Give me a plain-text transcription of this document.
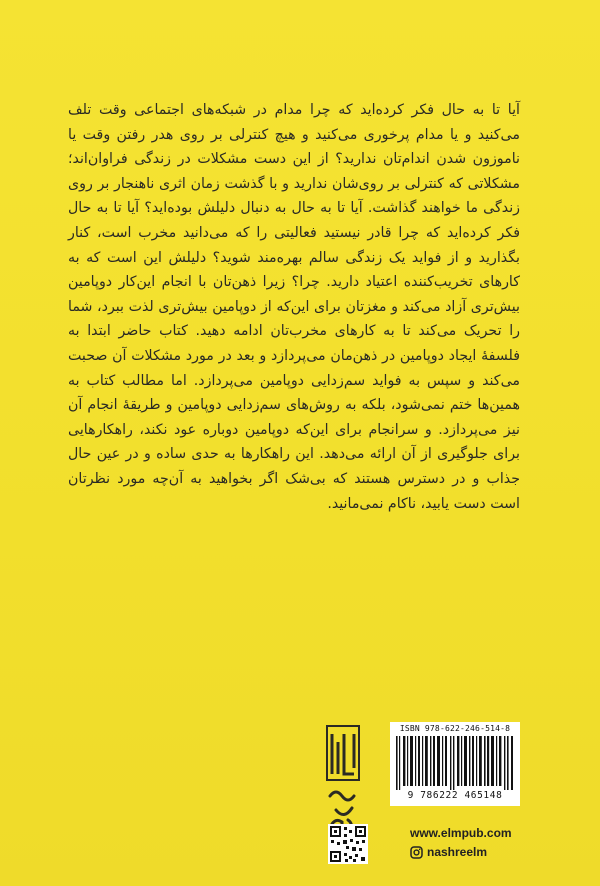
آیا تا به حال فکر کرده‌اید که چرا مدام در شبکه‌های اجتماعی وقت تلف می‌کنید و یا مدام پرخوری می‌کنید و هیچ کنترلی بر روی هدر رفتن وقت یا ناموزون شدن اندام‌تان ندارید؟ از این دست مشکلات در زندگی فراوان‌اند؛ مشکلاتی که کنترلی بر روی‌شان ندارید و با گذشت زمان اثری ناهنجار بر روی زندگی ما خواهند گذاشت. آیا تا به حال به دنبال دلیلش بوده‌اید؟ آیا تا به حال فکر کرده‌اید که چرا قادر نیستید فعالیتی را که می‌دانید مخرب است، کنار بگذارید و از فواید یک زندگی سالم بهره‌مند شوید؟ دلیلش این است که به کارهای تخریب‌کننده اعتیاد دارید. چرا؟ زیرا ذهن‌تان با انجام این‌کار دوپامین بیش‌تری آزاد می‌کند و مغزتان برای این‌که از دوپامین بیش‌تری لذت ببرد، شما را تحریک می‌کند تا به کارهای مخرب‌تان ادامه دهید. کتاب حاضر ابتدا به فلسفهٔ ایجاد دوپامین در ذهن‌مان می‌پردازد و بعد در مورد مشکلات آن صحبت می‌کند و سپس به فواید سم‌زدایی دوپامین می‌پردازد. اما مطالب کتاب به همین‌ها ختم نمی‌شود، بلکه به روش‌های سم‌زدایی دوپامین و طریقهٔ انجام آن نیز می‌پردازد. و سرانجام برای این‌که دوپامین دوباره عود نکند، راهکارهایی برای جلوگیری از آن ارائه می‌دهد. این راهکارها به حدی ساده و در عین حال جذاب و در دسترس هستند که بی‌شک اگر بخواهید به آن‌چه مورد نظرتان است دست یابید، ناکام نمی‌مانید.

ISBN 978-622-246-514-8
9 786222 465148
www.elmpub.com
nashreelm
